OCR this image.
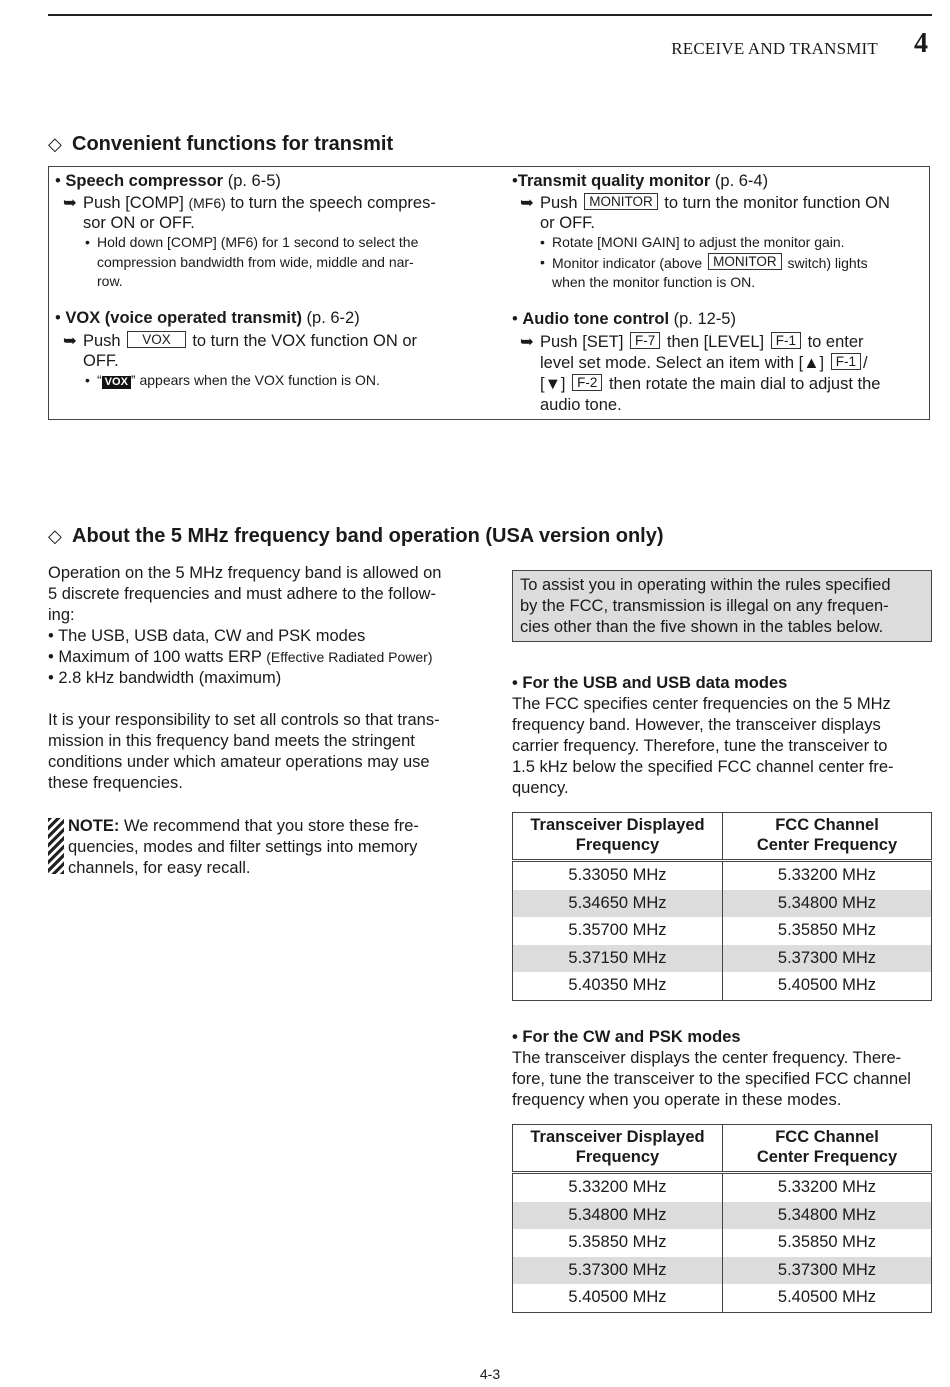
RECEIVE AND TRANSMIT 4
◇ Convenient functions for transmit
• Speech compressor (p. 6-5)
➥ Push [COMP] (MF6) to turn the speech compres-
sor ON or OFF.
• Hold down [COMP] (MF6) for 1 second to select the
compression bandwidth from wide, middle and nar-
row.
• VOX (voice operated transmit) (p. 6-2)
➥ Push VOX to turn the VOX function ON or
OFF.
• “ VOX ” appears when the VOX function is ON.
•Transmit quality monitor (p. 6-4)
➥ Push MONITOR to turn the monitor function ON
or OFF.
• Rotate [MONI GAIN] to adjust the monitor gain.
• Monitor indicator (above MONITOR switch) lights
when the monitor function is ON.
• Audio tone control (p. 12-5)
➥ Push [SET] F-7 then [LEVEL] F-1 to enter
level set mode. Select an item with [▲] F-1 /
[▼] F-2 then rotate the main dial to adjust the
audio tone.
◇ About the 5 MHz frequency band operation (USA version only)
Operation on the 5 MHz frequency band is allowed on
5 discrete frequencies and must adhere to the follow-
ing:
• The USB, USB data, CW and PSK modes
• Maximum of 100 watts ERP (Effective Radiated Power)
• 2.8 kHz bandwidth (maximum)
It is your responsibility to set all controls so that trans-
mission in this frequency band meets the stringent
conditions under which amateur operations may use
these frequencies.
NOTE: We recommend that you store these fre-
quencies, modes and filter settings into memory
channels, for easy recall.
To assist you in operating within the rules specified
by the FCC, transmission is illegal on any frequen-
cies other than the five shown in the tables below.
• For the USB and USB data modes
The FCC specifies center frequencies on the 5 MHz
frequency band. However, the transceiver displays
carrier frequency. Therefore, tune the transceiver to
1.5 kHz below the specified FCC channel center fre-
quency.
Transceiver Displayed
Frequency	FCC Channel
Center Frequency
5.33050 MHz	5.33200 MHz
5.34650 MHz	5.34800 MHz
5.35700 MHz	5.35850 MHz
5.37150 MHz	5.37300 MHz
5.40350 MHz	5.40500 MHz
• For the CW and PSK modes
The transceiver displays the center frequency. There-
fore, tune the transceiver to the specified FCC channel
frequency when you operate in these modes.
Transceiver Displayed
Frequency	FCC Channel
Center Frequency
5.33200 MHz	5.33200 MHz
5.34800 MHz	5.34800 MHz
5.35850 MHz	5.35850 MHz
5.37300 MHz	5.37300 MHz
5.40500 MHz	5.40500 MHz
4-3
